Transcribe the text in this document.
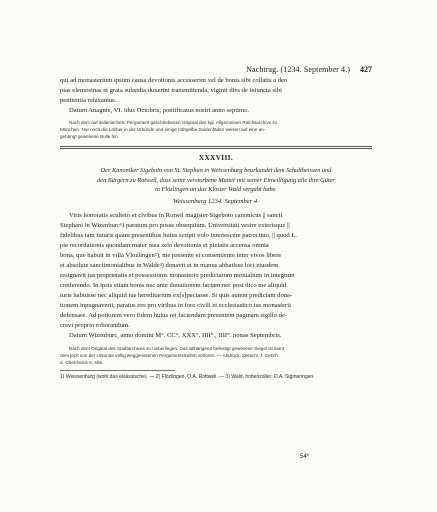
Nachtrag. (1234. September 4.) 427
qui ad monasterium ipsum causa devotionis accesserint vel de bonis sibi collatis a deo
pias elemosinas et grata subsidia duxerint transmittenda, viginti dies de iniuncta sibi
penitentia relaxamus.
Datum Anagnie, VI. idus Octobris, pontificatus nostri anno septimo.
Nach dem auf italienischem Pergament geschriebenen Original des kgl. Allgemeinen Reichsarchivs zu
München. Nur noch die Löcher in der Urkunde und einige rothgelbe Seidenfäden weisen auf eine an-
gehängt gewesene Bulle hin.
XXXVIII.
Der Kanoniker Sigeboto von St. Stephan in Weissenburg beurkundet dem Schultheissen und
den Bürgern zu Rotweil, dass seine verstorbene Mutter mit seiner Einwilligung alle ihre Güter
in Flözlingen an das Kloster Wald vergabt habe.
Weissenburg 1234. September 4.
Viris honoratis sculteto et civibus in Rotwil magister Sigeboto canonicus || sancti
Stephani in Wizenburc¹) paratum pro posse obsequium. Universitati vestre exterisque ||
fidelibus tam futuris quam presentibus huius scripti volo innotescere patrocinio, || quod L.
pie recordationis quondam mater mea zelo devotionis et pietatis accensa omnia
bona, que habuit in villa Vlozlingen²), me presente et consentiente inter vivos libere
et absolute sanctimonialibus in Walde³) donavit et in manus abbatisse loci eiusdem
resignavit ius proprietatis et possessionis monasterio predictarum monialium in integrum
conferendo. In ipsis etiam bonis nec ante donationem factam nec post dico me aliquid
iuris habuisse nec aliquid ius hereditarium ex[s]pectasse. Si quis autem predictam dona-
tionem inpugnaverit, paratus ero pro viribus in foro civili et ecclesiastico ius monasterii
defensare. Ad potiorem vero fidem huius rei faciendam presentem paginam sigillo de-
crevi proprio roborandum.
Datum Wizenburc, anno domini M°. CC°. XXX°. IIII°., IIII°. nonas Septembris.
Nach dem Original des Stadtarchives zu Ueberlingen. Das abhängend befestigt gewesene Siegel ist samt
dem jetzt von der Urkunde völlig weggerissenen Pergamentstreifen verloren. — Abdruck: Zeitschr. f. Gesch.
d. Oberrheins 8, 405.
1) Weissenburg (wohl das elsässische). — 2) Flözlingen, O.A. Rottweil. — 3) Wald, hohenzoller. O.A. Sigmaringen.
54*
